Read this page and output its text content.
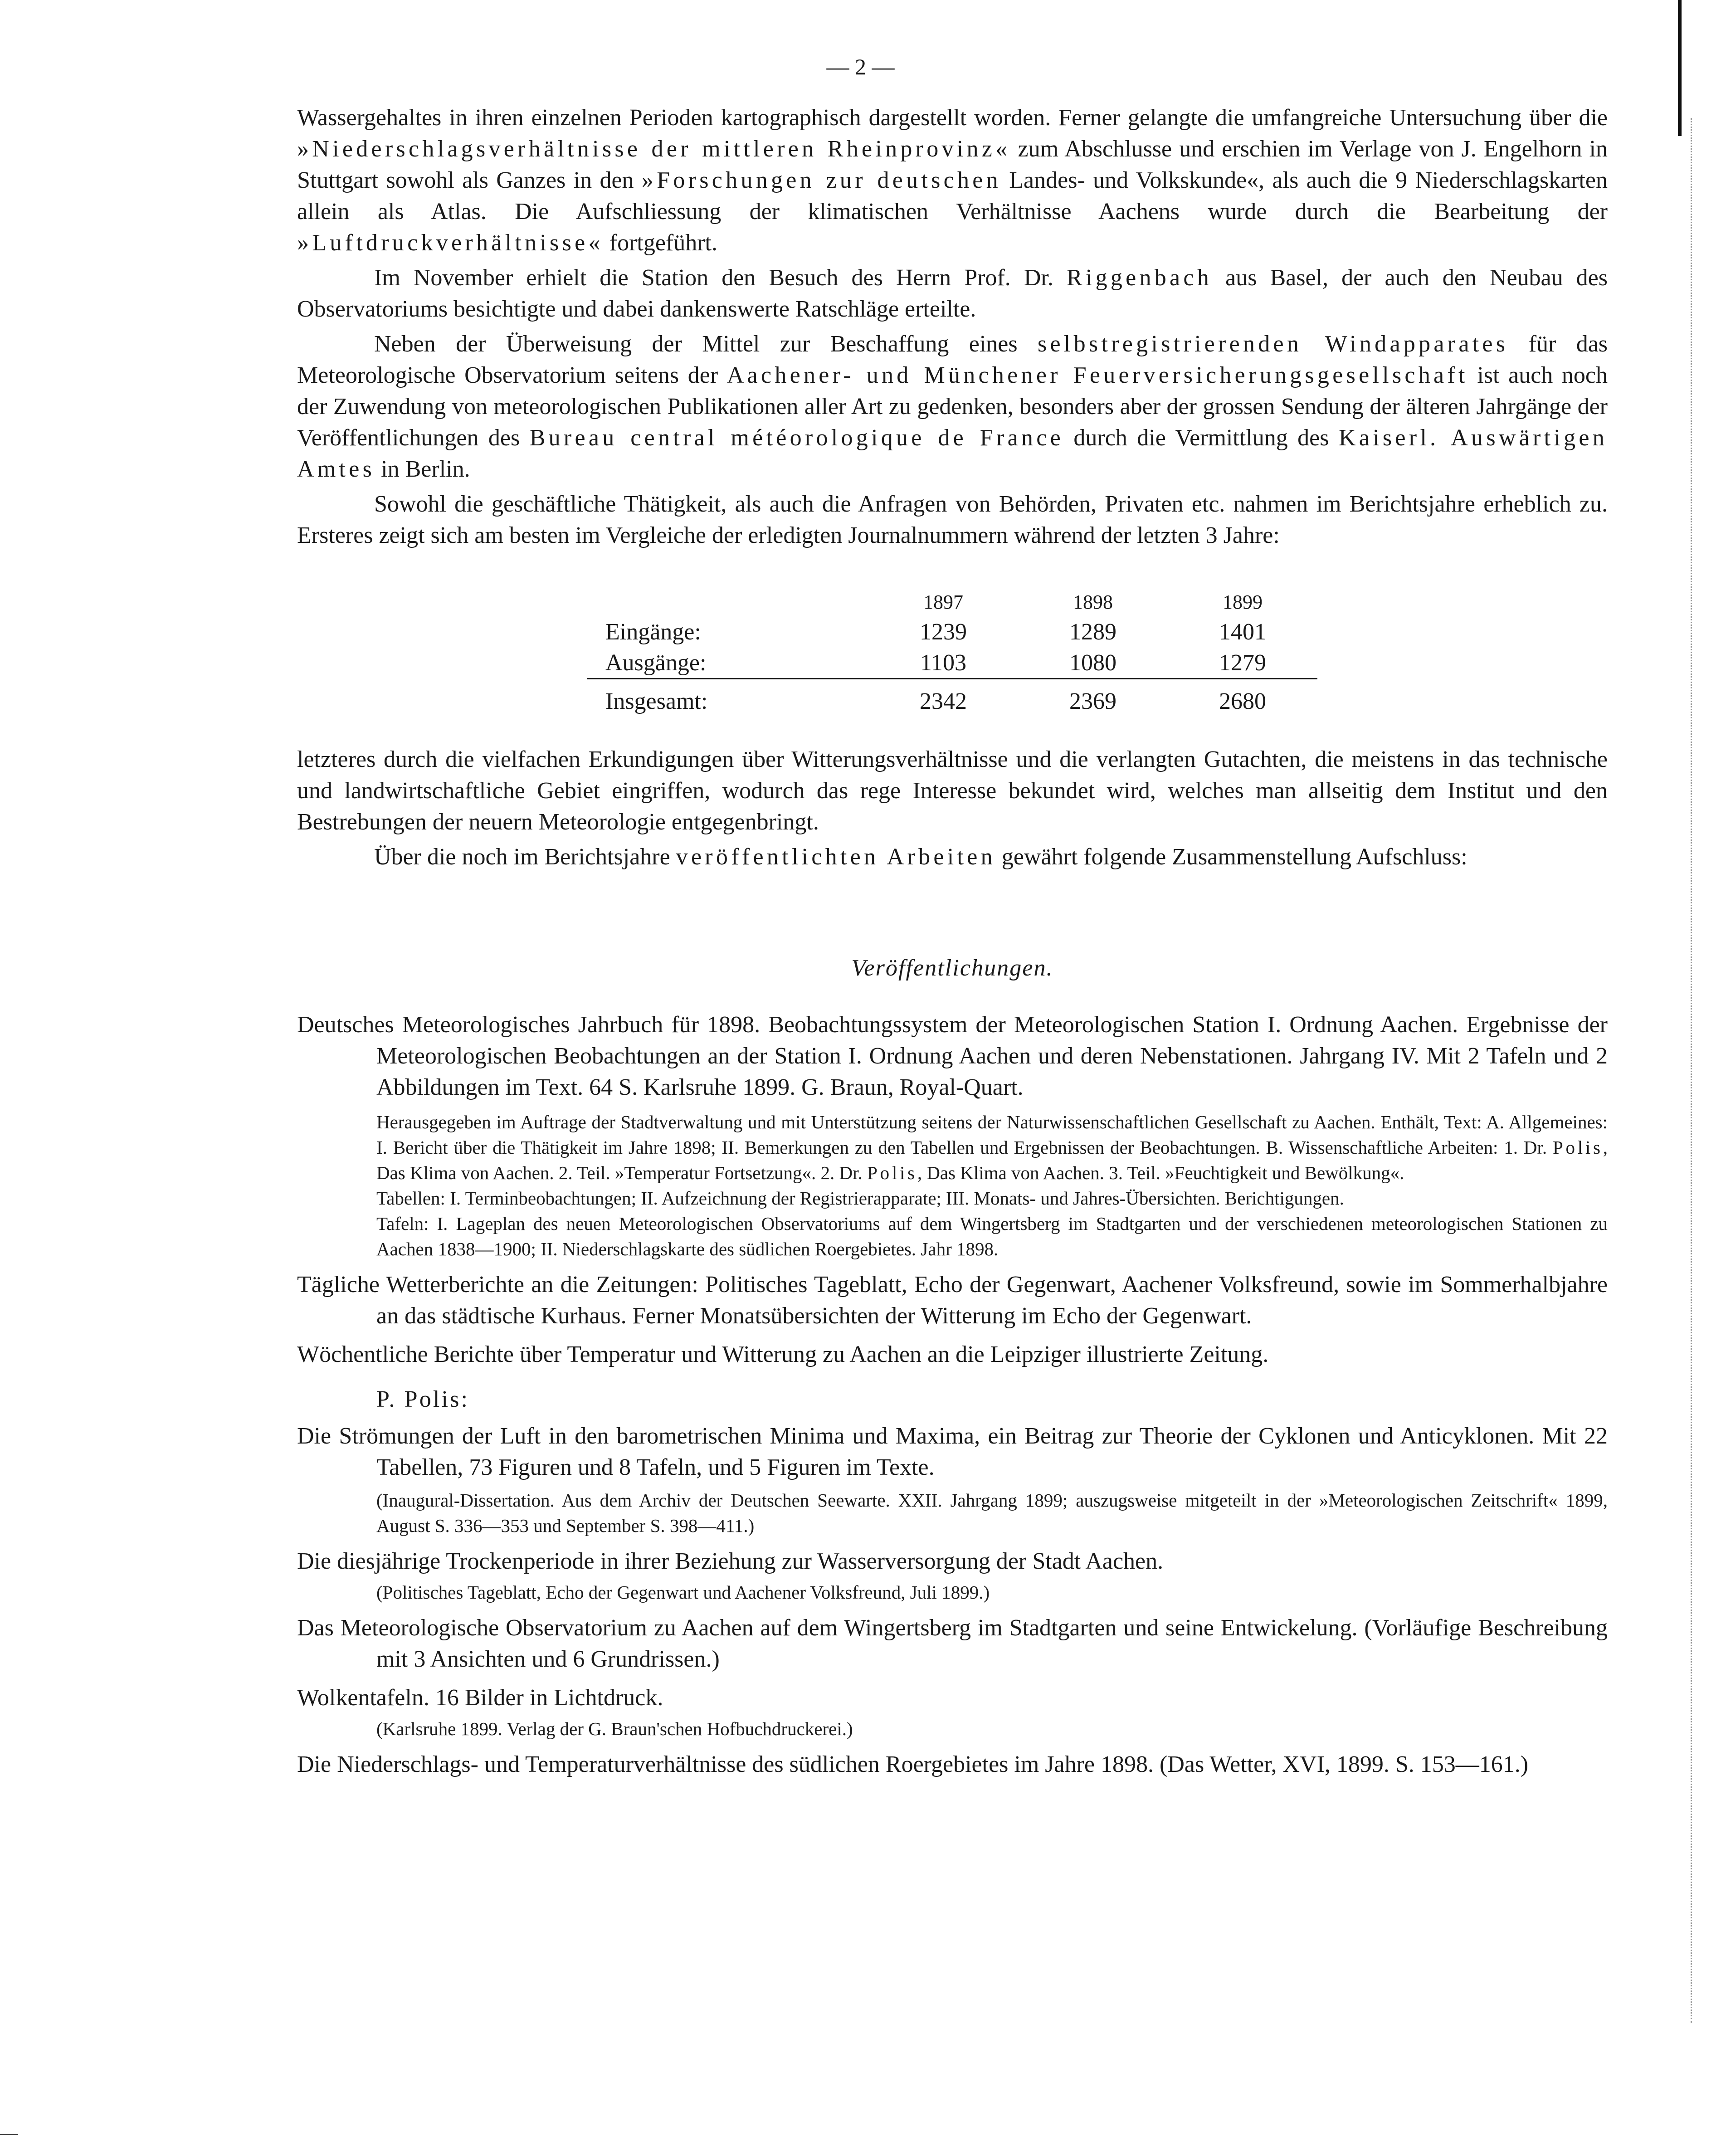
— 2 —

Wassergehaltes in ihren einzelnen Perioden kartographisch dargestellt worden. Ferner gelangte die umfangreiche Untersuchung über die »Niederschlagsverhältnisse der mittleren Rheinprovinz« zum Abschlusse und erschien im Verlage von J. Engelhorn in Stuttgart sowohl als Ganzes in den »Forschungen zur deutschen Landes- und Volkskunde«, als auch die 9 Niederschlagskarten allein als Atlas. Die Aufschliessung der klimatischen Verhältnisse Aachens wurde durch die Bearbeitung der »Luftdruckverhältnisse« fortgeführt.

Im November erhielt die Station den Besuch des Herrn Prof. Dr. Riggenbach aus Basel, der auch den Neubau des Observatoriums besichtigte und dabei dankenswerte Ratschläge erteilte.

Neben der Überweisung der Mittel zur Beschaffung eines selbstregistrierenden Windapparates für das Meteorologische Observatorium seitens der Aachener- und Münchener Feuerversicherungsgesellschaft ist auch noch der Zuwendung von meteorologischen Publikationen aller Art zu gedenken, besonders aber der grossen Sendung der älteren Jahrgänge der Veröffentlichungen des Bureau central météorologique de France durch die Vermittlung des Kaiserl. Auswärtigen Amtes in Berlin.

Sowohl die geschäftliche Thätigkeit, als auch die Anfragen von Behörden, Privaten etc. nahmen im Berichtsjahre erheblich zu. Ersteres zeigt sich am besten im Vergleiche der erledigten Journalnummern während der letzten 3 Jahre:

	1897	1898	1899
Eingänge:	1239	1289	1401
Ausgänge:	1103	1080	1279
Insgesamt:	2342	2369	2680

letzteres durch die vielfachen Erkundigungen über Witterungsverhältnisse und die verlangten Gutachten, die meistens in das technische und landwirtschaftliche Gebiet eingriffen, wodurch das rege Interesse bekundet wird, welches man allseitig dem Institut und den Bestrebungen der neuern Meteorologie entgegenbringt.

Über die noch im Berichtsjahre veröffentlichten Arbeiten gewährt folgende Zusammenstellung Aufschluss:

Veröffentlichungen.

Deutsches Meteorologisches Jahrbuch für 1898. Beobachtungssystem der Meteorologischen Station I. Ordnung Aachen. Ergebnisse der Meteorologischen Beobachtungen an der Station I. Ordnung Aachen und deren Nebenstationen. Jahrgang IV. Mit 2 Tafeln und 2 Abbildungen im Text. 64 S. Karlsruhe 1899. G. Braun, Royal-Quart.

Herausgegeben im Auftrage der Stadtverwaltung und mit Unterstützung seitens der Naturwissenschaftlichen Gesellschaft zu Aachen. Enthält, Text: A. Allgemeines: I. Bericht über die Thätigkeit im Jahre 1898; II. Bemerkungen zu den Tabellen und Ergebnissen der Beobachtungen. B. Wissenschaftliche Arbeiten: 1. Dr. Polis, Das Klima von Aachen. 2. Teil. »Temperatur Fortsetzung«. 2. Dr. Polis, Das Klima von Aachen. 3. Teil. »Feuchtigkeit und Bewölkung«.

Tabellen: I. Terminbeobachtungen; II. Aufzeichnung der Registrierapparate; III. Monats- und Jahres-Übersichten. Berichtigungen.

Tafeln: I. Lageplan des neuen Meteorologischen Observatoriums auf dem Wingertsberg im Stadtgarten und der verschiedenen meteorologischen Stationen zu Aachen 1838—1900; II. Niederschlagskarte des südlichen Roergebietes. Jahr 1898.

Tägliche Wetterberichte an die Zeitungen: Politisches Tageblatt, Echo der Gegenwart, Aachener Volksfreund, sowie im Sommerhalbjahre an das städtische Kurhaus. Ferner Monatsübersichten der Witterung im Echo der Gegenwart.

Wöchentliche Berichte über Temperatur und Witterung zu Aachen an die Leipziger illustrierte Zeitung.

P. Polis:

Die Strömungen der Luft in den barometrischen Minima und Maxima, ein Beitrag zur Theorie der Cyklonen und Anticyklonen. Mit 22 Tabellen, 73 Figuren und 8 Tafeln, und 5 Figuren im Texte.

(Inaugural-Dissertation. Aus dem Archiv der Deutschen Seewarte. XXII. Jahrgang 1899; auszugsweise mitgeteilt in der »Meteorologischen Zeitschrift« 1899, August S. 336—353 und September S. 398—411.)

Die diesjährige Trockenperiode in ihrer Beziehung zur Wasserversorgung der Stadt Aachen.

(Politisches Tageblatt, Echo der Gegenwart und Aachener Volksfreund, Juli 1899.)

Das Meteorologische Observatorium zu Aachen auf dem Wingertsberg im Stadtgarten und seine Entwickelung. (Vorläufige Beschreibung mit 3 Ansichten und 6 Grundrissen.)

Wolkentafeln. 16 Bilder in Lichtdruck.

(Karlsruhe 1899. Verlag der G. Braun'schen Hofbuchdruckerei.)

Die Niederschlags- und Temperaturverhältnisse des südlichen Roergebietes im Jahre 1898. (Das Wetter, XVI, 1899. S. 153—161.)
